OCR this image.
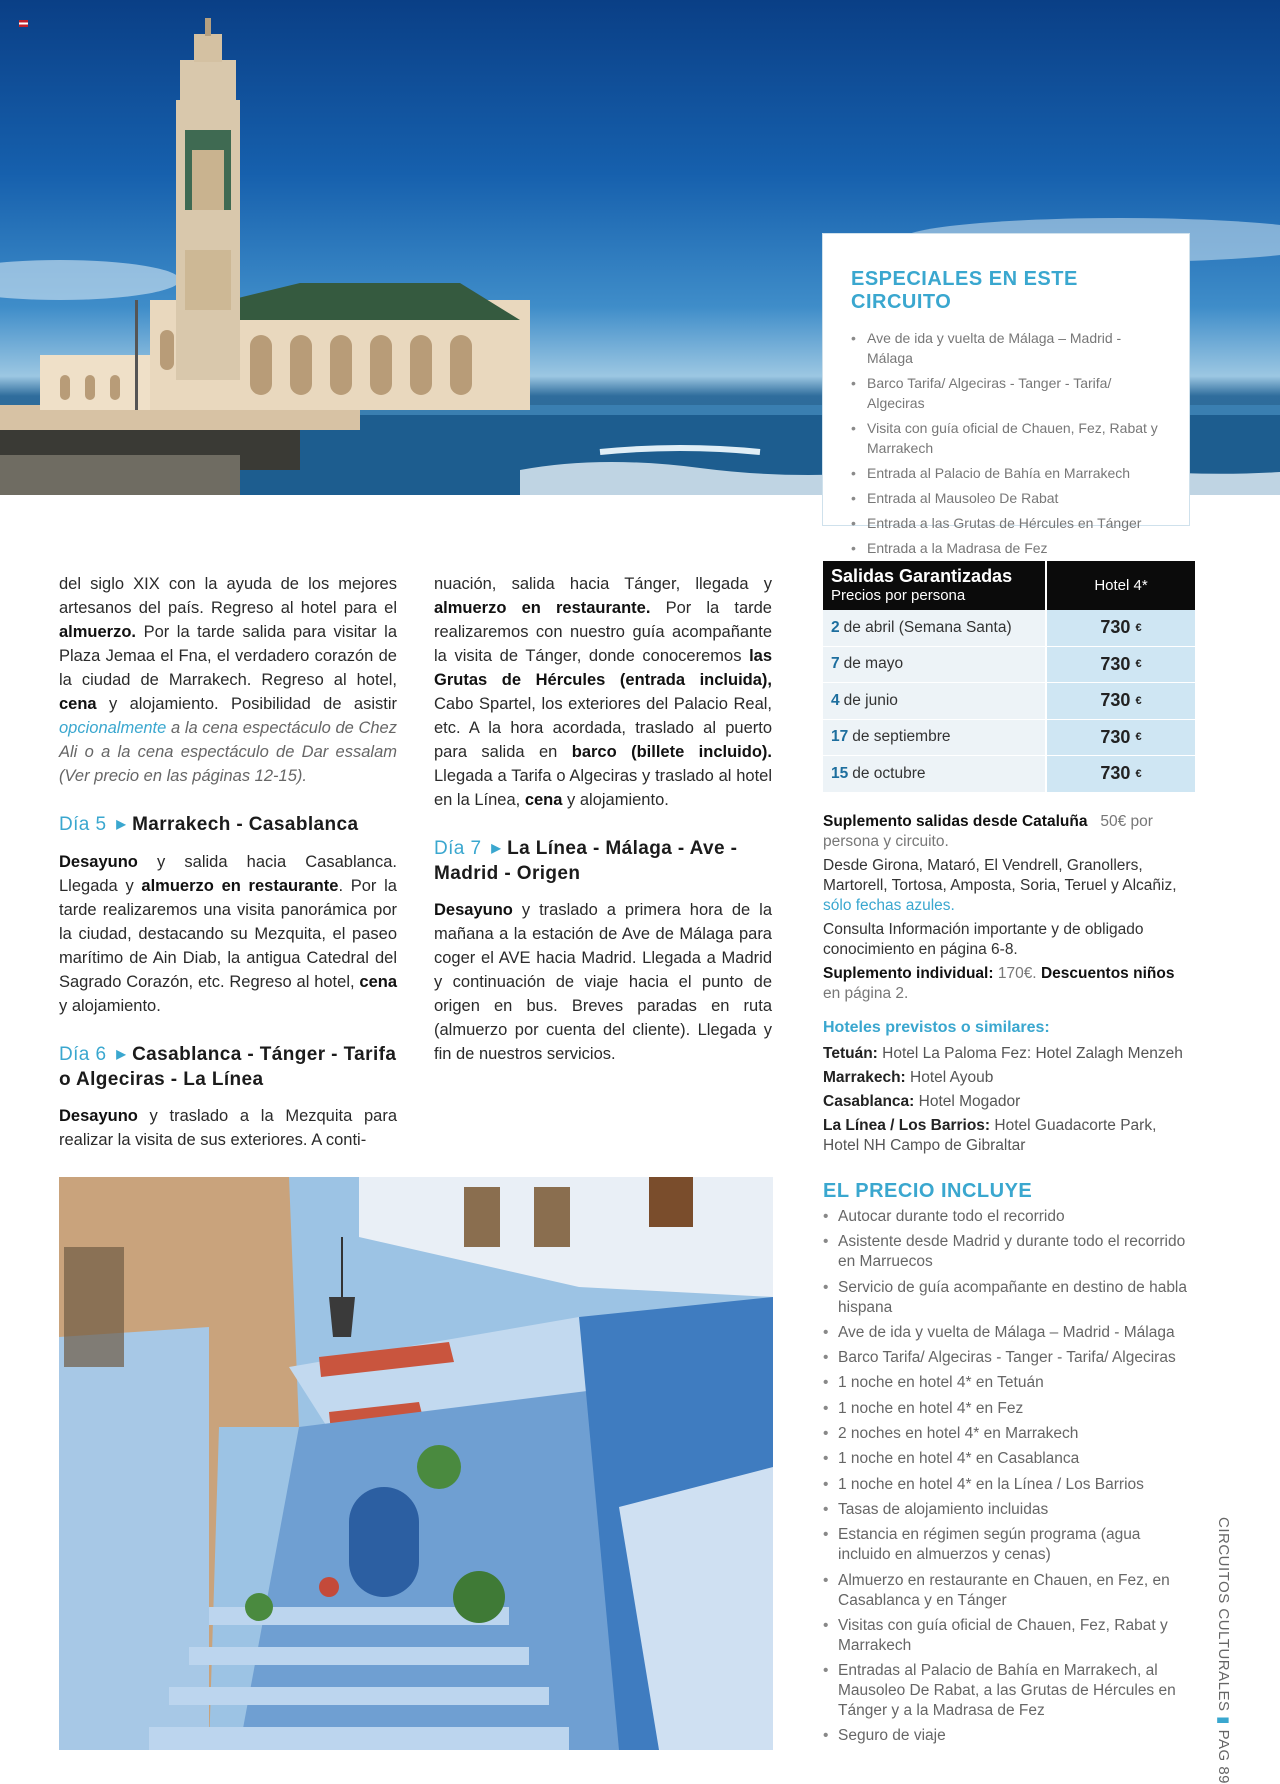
ESPECIALES EN ESTE CIRCUITO
• Ave de ida y vuelta de Málaga – Madrid - Málaga
• Barco Tarifa/ Algeciras - Tanger - Tarifa/ Algeciras
• Visita con guía oficial de Chauen, Fez, Rabat y Marrakech
• Entrada al Palacio de Bahía en Marrakech
• Entrada al Mausoleo De Rabat
• Entrada a las Grutas de Hércules en Tánger
• Entrada a la Madrasa de Fez

del siglo XIX con la ayuda de los mejores artesanos del país. Regreso al hotel para el almuerzo. Por la tarde salida para visitar la Plaza Jemaa el Fna, el verdadero corazón de la ciudad de Marrakech. Regreso al hotel, cena y alojamiento. Posibilidad de asistir opcionalmente a la cena espectáculo de Chez Ali o a la cena espectáculo de Dar essalam (Ver precio en las páginas 12-15).

Día 5 ▶ Marrakech - Casablanca

Desayuno y salida hacia Casablanca. Llegada y almuerzo en restaurante. Por la tarde realizaremos una visita panorámica por la ciudad, destacando su Mezquita, el paseo marítimo de Ain Diab, la antigua Catedral del Sagrado Corazón, etc. Regreso al hotel, cena y alojamiento.

Día 6 ▶ Casablanca - Tánger - Tarifa o Algeciras - La Línea

Desayuno y traslado a la Mezquita para realizar la visita de sus exteriores. A conti-

nuación, salida hacia Tánger, llegada y almuerzo en restaurante. Por la tarde realizaremos con nuestro guía acompañante la visita de Tánger, donde conoceremos las Grutas de Hércules (entrada incluida), Cabo Spartel, los exteriores del Palacio Real, etc. A la hora acordada, traslado al puerto para salida en barco (billete incluido). Llegada a Tarifa o Algeciras y traslado al hotel en la Línea, cena y alojamiento.

Día 7 ▶ La Línea - Málaga - Ave - Madrid - Origen

Desayuno y traslado a primera hora de la mañana a la estación de Ave de Málaga para coger el AVE hacia Madrid. Llegada a Madrid y continuación de viaje hacia el punto de origen en bus. Breves paradas en ruta (almuerzo por cuenta del cliente). Llegada y fin de nuestros servicios.

Salidas Garantizadas
Precios por persona
Hotel 4*
2 de abril (Semana Santa)	730 €
7 de mayo	730 €
4 de junio	730 €
17 de septiembre	730 €
15 de octubre	730 €

Suplemento salidas desde Cataluña 50€ por persona y circuito.

Desde Girona, Mataró, El Vendrell, Granollers, Martorell, Tortosa, Amposta, Soria, Teruel y Alcañiz, sólo fechas azules.

Consulta Información importante y de obligado conocimiento en página 6-8.

Suplemento individual: 170€. Descuentos niños en página 2.

Hoteles previstos o similares:

Tetuán: Hotel La Paloma Fez: Hotel Zalagh Menzeh

Marrakech: Hotel Ayoub

Casablanca: Hotel Mogador

La Línea / Los Barrios: Hotel Guadacorte Park, Hotel NH Campo de Gibraltar

EL PRECIO INCLUYE
• Autocar durante todo el recorrido
• Asistente desde Madrid y durante todo el recorrido en Marruecos
• Servicio de guía acompañante en destino de habla hispana
• Ave de ida y vuelta de Málaga – Madrid - Málaga
• Barco Tarifa/ Algeciras - Tanger - Tarifa/ Algeciras
• 1 noche en hotel 4* en Tetuán
• 1 noche en hotel 4* en Fez
• 2 noches en hotel 4* en Marrakech
• 1 noche en hotel 4* en Casablanca
• 1 noche en hotel 4* en la Línea / Los Barrios
• Tasas de alojamiento incluidas
• Estancia en régimen según programa (agua incluido en almuerzos y cenas)
• Almuerzo en restaurante en Chauen, en Fez, en Casablanca y en Tánger
• Visitas con guía oficial de Chauen, Fez, Rabat y Marrakech
• Entradas al Palacio de Bahía en Marrakech, al Mausoleo De Rabat, a las Grutas de Hércules en Tánger y a la Madrasa de Fez
• Seguro de viaje
CIRCUITOS CULTURALES ▮ PAG 89
